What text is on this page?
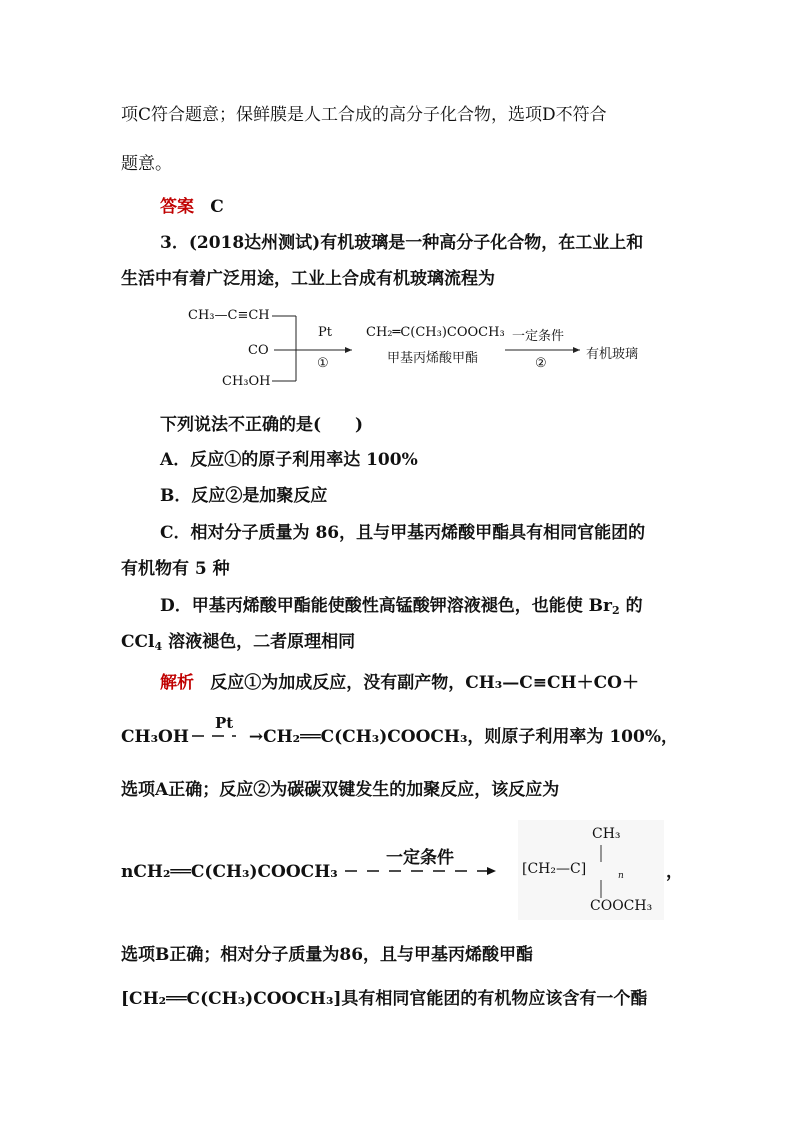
项C符合题意；保鲜膜是人工合成的高分子化合物，选项D不符合
题意。
答案 C
3．(2018达州测试)有机玻璃是一种高分子化合物，在工业上和
生活中有着广泛用途，工业上合成有机玻璃流程为
CH₃—C≡CH
CO
CH₃OH
Pt
①
CH₂═C(CH₃)COOCH₃
甲基丙烯酸甲酯
一定条件
②
有机玻璃
下列说法不正确的是(　　)
A．反应①的原子利用率达 100%
B．反应②是加聚反应
C．相对分子质量为 86，且与甲基丙烯酸甲酯具有相同官能团的
有机物有 5 种
D．甲基丙烯酸甲酯能使酸性高锰酸钾溶液褪色，也能使 $Br_2$ 的
CCl$_4$ 溶液褪色，二者原理相同
解析 反应①为加成反应，没有副产物，CH₃—C≡CH＋CO＋
CH₃OH	→CH₂══C(CH₃)COOCH₃，则原子利用率为 100%，
Pt
选项A正确；反应②为碳碳双键发生的加聚反应，该反应为
nCH₂══C(CH₃)COOCH₃
一定条件
CH₃
[CH₂—C]	n
COOCH₃
，
选项B正确；相对分子质量为86，且与甲基丙烯酸甲酯
[CH₂══C(CH₃)COOCH₃]具有相同官能团的有机物应该含有一个酯
